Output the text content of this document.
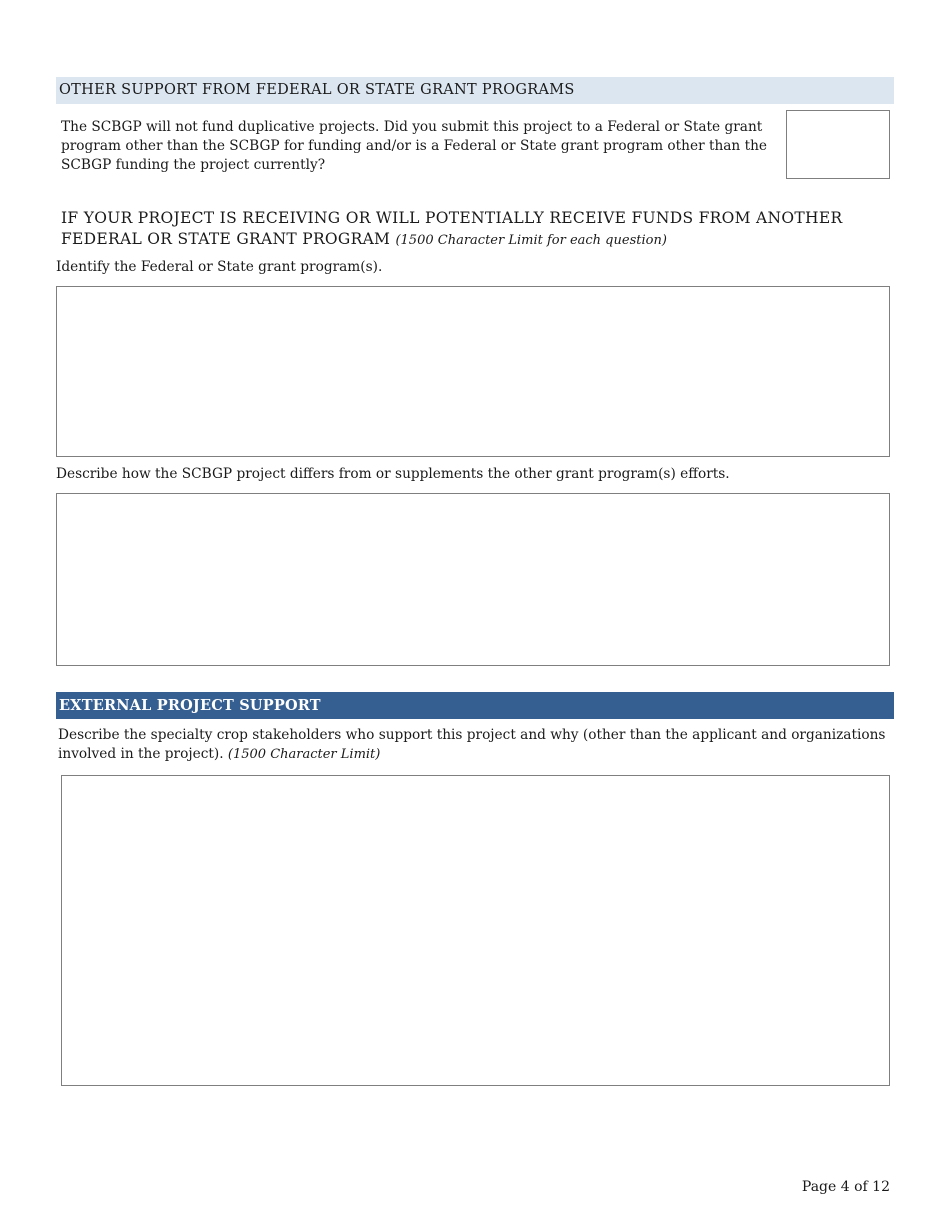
OTHER SUPPORT FROM FEDERAL OR STATE GRANT PROGRAMS
The SCBGP will not fund duplicative projects. Did you submit this project to a Federal or State grant program other than the SCBGP for funding and/or is a Federal or State grant program other than the SCBGP funding the project currently?
IF YOUR PROJECT IS RECEIVING OR WILL POTENTIALLY RECEIVE FUNDS FROM ANOTHER FEDERAL OR STATE GRANT PROGRAM (1500 Character Limit for each question)
Identify the Federal or State grant program(s).
Describe how the SCBGP project differs from or supplements the other grant program(s) efforts.
EXTERNAL PROJECT SUPPORT
Describe the specialty crop stakeholders who support this project and why (other than the applicant and organizations involved in the project). (1500 Character Limit)
Page 4 of 12
